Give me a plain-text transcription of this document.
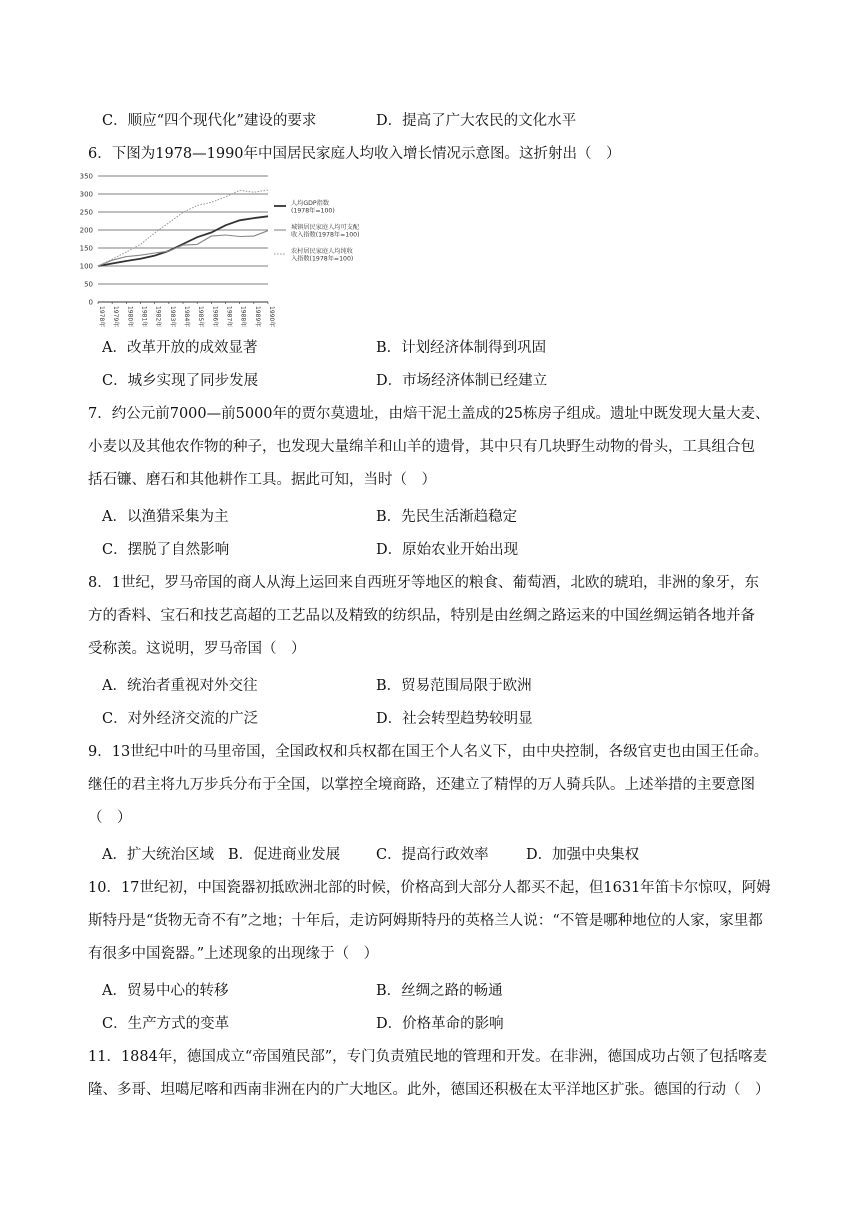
C．顺应“四个现代化”建设的要求	D．提高了广大农民的文化水平
6．下图为1978—1990年中国居民家庭人均收入增长情况示意图。这折射出（　）
0
50
100
150
200
250
300
350
1978年 1979年 1980年 1981年 1982年 1983年 1984年 1985年 1986年 1987年 1988年 1989年 1990年
人均GDP指数(1978年=100)
城镇居民家庭人均可支配收入指数(1978年=100)
农村居民家庭人均纯收入指数(1978年=100)
A．改革开放的成效显著	B．计划经济体制得到巩固
C．城乡实现了同步发展	D．市场经济体制已经建立
7．约公元前7000—前5000年的贾尔莫遗址，由焙干泥土盖成的25栋房子组成。遗址中既发现大量大麦、
小麦以及其他农作物的种子，也发现大量绵羊和山羊的遗骨，其中只有几块野生动物的骨头，工具组合包
括石镰、磨石和其他耕作工具。据此可知，当时（　）
A．以渔猎采集为主	B．先民生活渐趋稳定
C．摆脱了自然影响	D．原始农业开始出现
8．1世纪，罗马帝国的商人从海上运回来自西班牙等地区的粮食、葡萄酒，北欧的琥珀，非洲的象牙，东
方的香料、宝石和技艺高超的工艺品以及精致的纺织品，特别是由丝绸之路运来的中国丝绸运销各地并备
受称羡。这说明，罗马帝国（　）
A．统治者重视对外交往	B．贸易范围局限于欧洲
C．对外经济交流的广泛	D．社会转型趋势较明显
9．13世纪中叶的马里帝国，全国政权和兵权都在国王个人名义下，由中央控制，各级官吏也由国王任命。
继任的君主将九万步兵分布于全国，以掌控全境商路，还建立了精悍的万人骑兵队。上述举措的主要意图
（　）
A．扩大统治区域 B．促进商业发展 C．提高行政效率	D．加强中央集权
10．17世纪初，中国瓷器初抵欧洲北部的时候，价格高到大部分人都买不起，但1631年笛卡尔惊叹，阿姆
斯特丹是“货物无奇不有”之地；十年后，走访阿姆斯特丹的英格兰人说：“不管是哪种地位的人家，家里都
有很多中国瓷器。”上述现象的出现缘于（　）
A．贸易中心的转移	B．丝绸之路的畅通
C．生产方式的变革	D．价格革命的影响
11．1884年，德国成立“帝国殖民部”，专门负责殖民地的管理和开发。在非洲，德国成功占领了包括喀麦
隆、多哥、坦噶尼喀和西南非洲在内的广大地区。此外，德国还积极在太平洋地区扩张。德国的行动（　）
